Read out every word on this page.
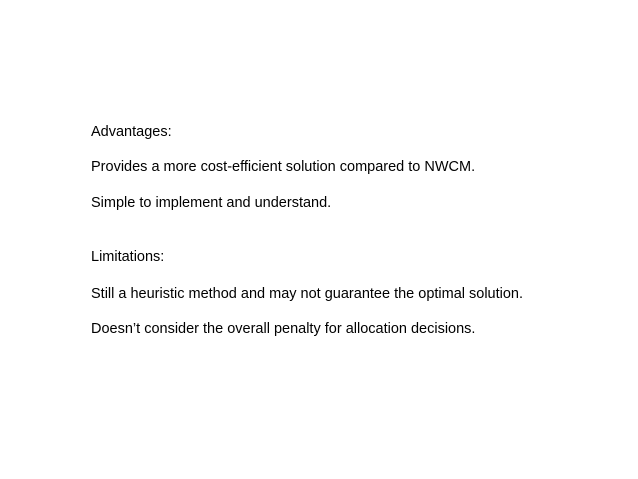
Advantages:
Provides a more cost-efficient solution compared to NWCM.
Simple to implement and understand.
Limitations:
Still a heuristic method and may not guarantee the optimal solution.
Doesn’t consider the overall penalty for allocation decisions.
